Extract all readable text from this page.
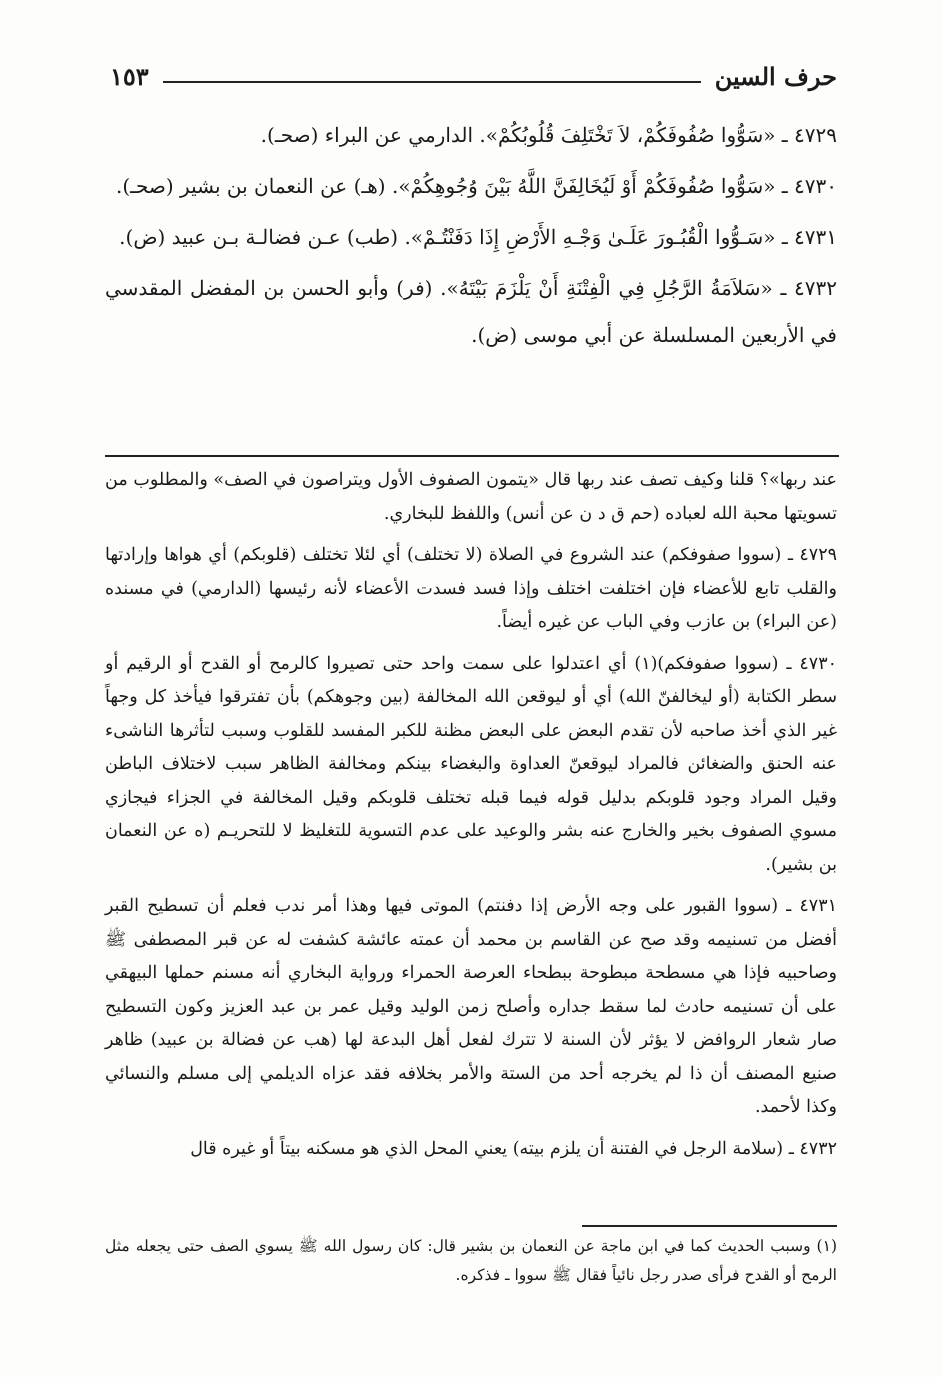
حرف السين
١٥٣

٤٧٢٩ ـ «سَوُّوا صُفُوفَكُمْ، لاَ تَخْتَلِفَ قُلُوبُكُمْ». الدارمي عن البراء (صحـ).

٤٧٣٠ ـ «سَوُّوا صُفُوفَكُمْ أَوْ لَيُخَالِفَنَّ اللَّهُ بَيْنَ وُجُوهِكُمْ». (هـ) عن النعمان بن بشير (صحـ).

٤٧٣١ ـ «سَـوُّوا الْقُبُـورَ عَلَـىٰ وَجْـهِ الأَرْضِ إِذَا دَفَنْتُـمْ». (طب) عـن فضالـة بـن عبيد (ض).

٤٧٣٢ ـ «سَلاَمَةُ الرَّجُلِ فِي الْفِتْنَةِ أَنْ يَلْزَمَ بَيْتَهُ». (فر) وأبو الحسن بن المفضل المقدسي في الأربعين المسلسلة عن أبي موسى (ض).

عند ربها»؟ قلنا وكيف تصف عند ربها قال «يتمون الصفوف الأول ويتراصون في الصف» والمطلوب من تسويتها محبة الله لعباده (حم ق د ن عن أنس) واللفظ للبخاري.

٤٧٢٩ ـ (سووا صفوفكم) عند الشروع في الصلاة (لا تختلف) أي لئلا تختلف (قلوبكم) أي هواها وإرادتها والقلب تابع للأعضاء فإن اختلفت اختلف وإذا فسد فسدت الأعضاء لأنه رئيسها (الدارمي) في مسنده (عن البراء) بن عازب وفي الباب عن غيره أيضاً.

٤٧٣٠ ـ (سووا صفوفكم)(١) أي اعتدلوا على سمت واحد حتى تصيروا كالرمح أو القدح أو الرقيم أو سطر الكتابة (أو ليخالفنّ الله) أي أو ليوقعن الله المخالفة (بين وجوهكم) بأن تفترقوا فيأخذ كل وجهاً غير الذي أخذ صاحبه لأن تقدم البعض على البعض مظنة للكبر المفسد للقلوب وسبب لتأثرها الناشىء عنه الحنق والضغائن فالمراد ليوقعنّ العداوة والبغضاء بينكم ومخالفة الظاهر سبب لاختلاف الباطن وقيل المراد وجود قلوبكم بدليل قوله فيما قبله تختلف قلوبكم وقيل المخالفة في الجزاء فيجازي مسوي الصفوف بخير والخارج عنه بشر والوعيد على عدم التسوية للتغليظ لا للتحريـم (ه عن النعمان بن بشير).

٤٧٣١ ـ (سووا القبور على وجه الأرض إذا دفنتم) الموتى فيها وهذا أمر ندب فعلم أن تسطيح القبر أفضل من تسنيمه وقد صح عن القاسم بن محمد أن عمته عائشة كشفت له عن قبر المصطفى ﷺ وصاحبيه فإذا هي مسطحة مبطوحة ببطحاء العرصة الحمراء ورواية البخاري أنه مسنم حملها البيهقي على أن تسنيمه حادث لما سقط جداره وأصلح زمن الوليد وقيل عمر بن عبد العزيز وكون التسطيح صار شعار الروافض لا يؤثر لأن السنة لا تترك لفعل أهل البدعة لها (هب عن فضالة بن عبيد) ظاهر صنيع المصنف أن ذا لم يخرجه أحد من الستة والأمر بخلافه فقد عزاه الديلمي إلى مسلم والنسائي وكذا لأحمد.

٤٧٣٢ ـ (سلامة الرجل في الفتنة أن يلزم بيته) يعني المحل الذي هو مسكنه بيتاً أو غيره قال

(١) وسبب الحديث كما في ابن ماجة عن النعمان بن بشير قال: كان رسول الله ﷺ يسوي الصف حتى يجعله مثل الرمح أو القدح فرأى صدر رجل نائياً فقال ﷺ سووا ـ فذكره.
